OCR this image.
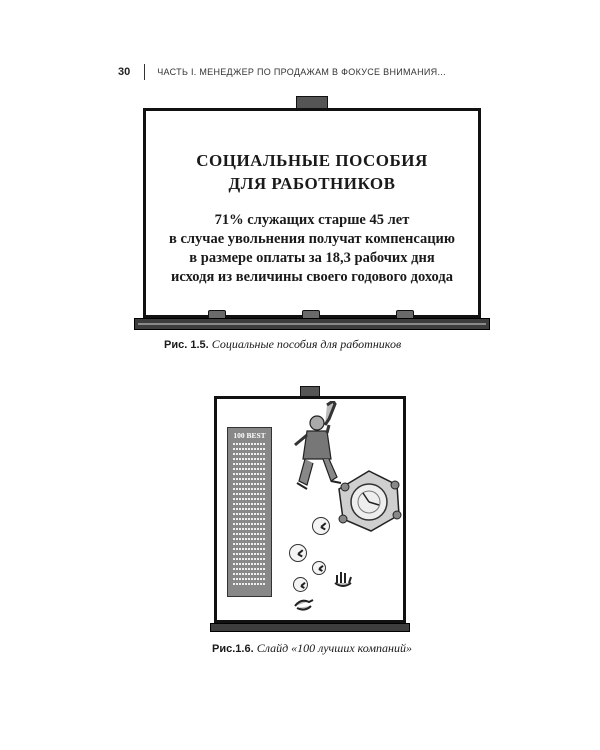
30	ЧАСТЬ I. МЕНЕДЖЕР ПО ПРОДАЖАМ В ФОКУСЕ ВНИМАНИЯ...
СОЦИАЛЬНЫЕ ПОСОБИЯ
ДЛЯ РАБОТНИКОВ
71% служащих старше 45 лет
в случае увольнения получат компенсацию
в размере оплаты за 18,3 рабочих дня
исходя из величины своего годового дохода
Рис. 1.5. Социальные пособия для работников
100 BEST
Рис.1.6. Слайд «100 лучших компаний»
